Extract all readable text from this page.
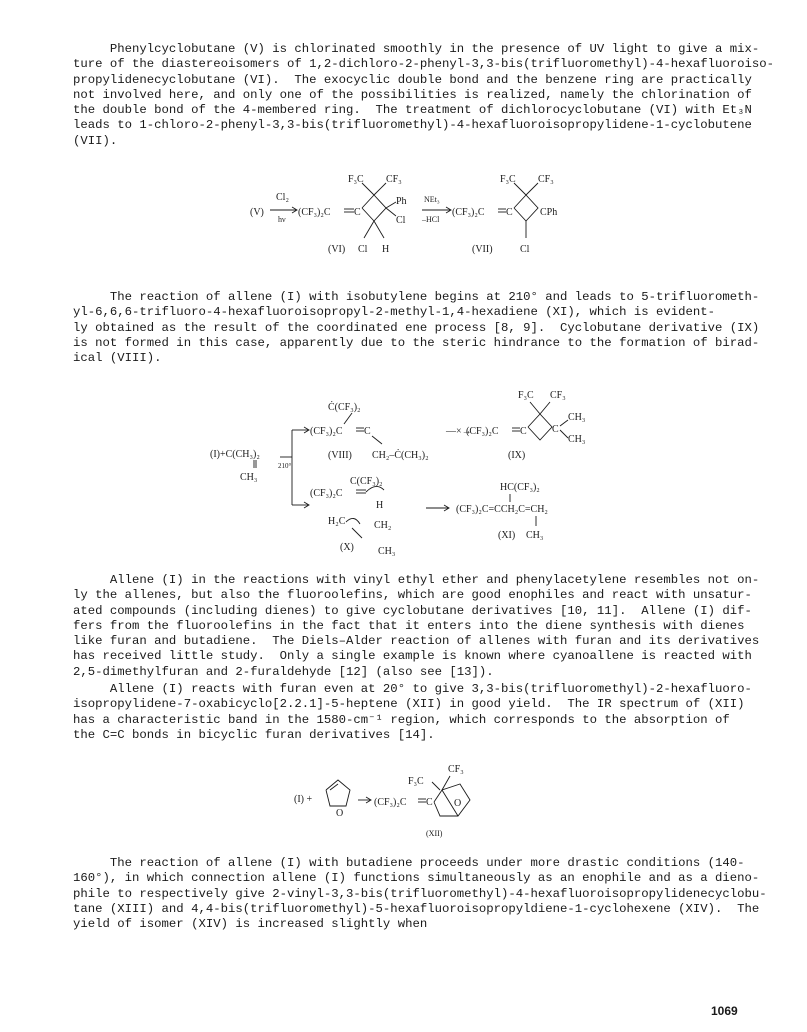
Phenylcyclobutane (V) is chlorinated smoothly in the presence of UV light to give a mix-
ture of the diastereoisomers of 1,2-dichloro-2-phenyl-3,3-bis(trifluoromethyl)-4-hexafluoroiso-
propylidenecyclobutane (VI).  The exocyclic double bond and the benzene ring are practically
not involved here, and only one of the possibilities is realized, namely the chlorination of
the double bond of the 4-membered ring.  The treatment of dichlorocyclobutane (VI) with Et₃N
leads to 1-chloro-2-phenyl-3,3-bis(trifluoromethyl)-4-hexafluoroisopropylidene-1-cyclobutene
(VII).
(V)
Cl₂
hν
(CF₃)₂C C
F₃C CF₃
Ph
Cl
(VI) Cl H
NEt₃
–HCl
(CF₃)₂C C
F₃C CF₃
CPh
(VII)	Cl
The reaction of allene (I) with isobutylene begins at 210° and leads to 5-trifluorometh-
yl-6,6,6-trifluoro-4-hexafluoroisopropyl-2-methyl-1,4-hexadiene (XI), which is evident-
ly obtained as the result of the coordinated ene process [8, 9].  Cyclobutane derivative (IX)
is not formed in this case, apparently due to the steric hindrance to the formation of birad-
ical (VIII).
(I)+C(CH₃)₂
CH₃
210°
Ċ(CF₃)₂
(CF₃)₂C C
(VIII) CH₂–Ċ(CH₃)₂
—×→
(CF₃)₂C C
F₃C CF₃
C
CH₃
CH₃
(IX)
C(CF₃)₂
(CF₃)₂C
H
H₂C	CH₂
CH₃
(X)
HC(CF₃)₂
(CF₃)₂C=CCH₂C=CH₂
(XI) CH₃
Allene (I) in the reactions with vinyl ethyl ether and phenylacetylene resembles not on-
ly the allenes, but also the fluoroolefins, which are good enophiles and react with unsatur-
ated compounds (including dienes) to give cyclobutane derivatives [10, 11].  Allene (I) dif-
fers from the fluoroolefins in the fact that it enters into the diene synthesis with dienes
like furan and butadiene.  The Diels–Alder reaction of allenes with furan and its derivatives
has received little study.  Only a single example is known where cyanoallene is reacted with
2,5-dimethylfuran and 2-furaldehyde [12] (also see [13]).
Allene (I) reacts with furan even at 20° to give 3,3-bis(trifluoromethyl)-2-hexafluoro-
isopropylidene-7-oxabicyclo[2.2.1]-5-heptene (XII) in good yield.  The IR spectrum of (XII)
has a characteristic band in the 1580-cm⁻¹ region, which corresponds to the absorption of
the C=C bonds in bicyclic furan derivatives [14].
(I) +
O
(CF₃)₂C C
F₃C
CF₃
O
(XII)
The reaction of allene (I) with butadiene proceeds under more drastic conditions (140-
160°), in which connection allene (I) functions simultaneously as an enophile and as a dieno-
phile to respectively give 2-vinyl-3,3-bis(trifluoromethyl)-4-hexafluoroisopropylidenecyclobu-
tane (XIII) and 4,4-bis(trifluoromethyl)-5-hexafluoroisopropyldiene-1-cyclohexene (XIV).  The
yield of isomer (XIV) is increased slightly when
1069
